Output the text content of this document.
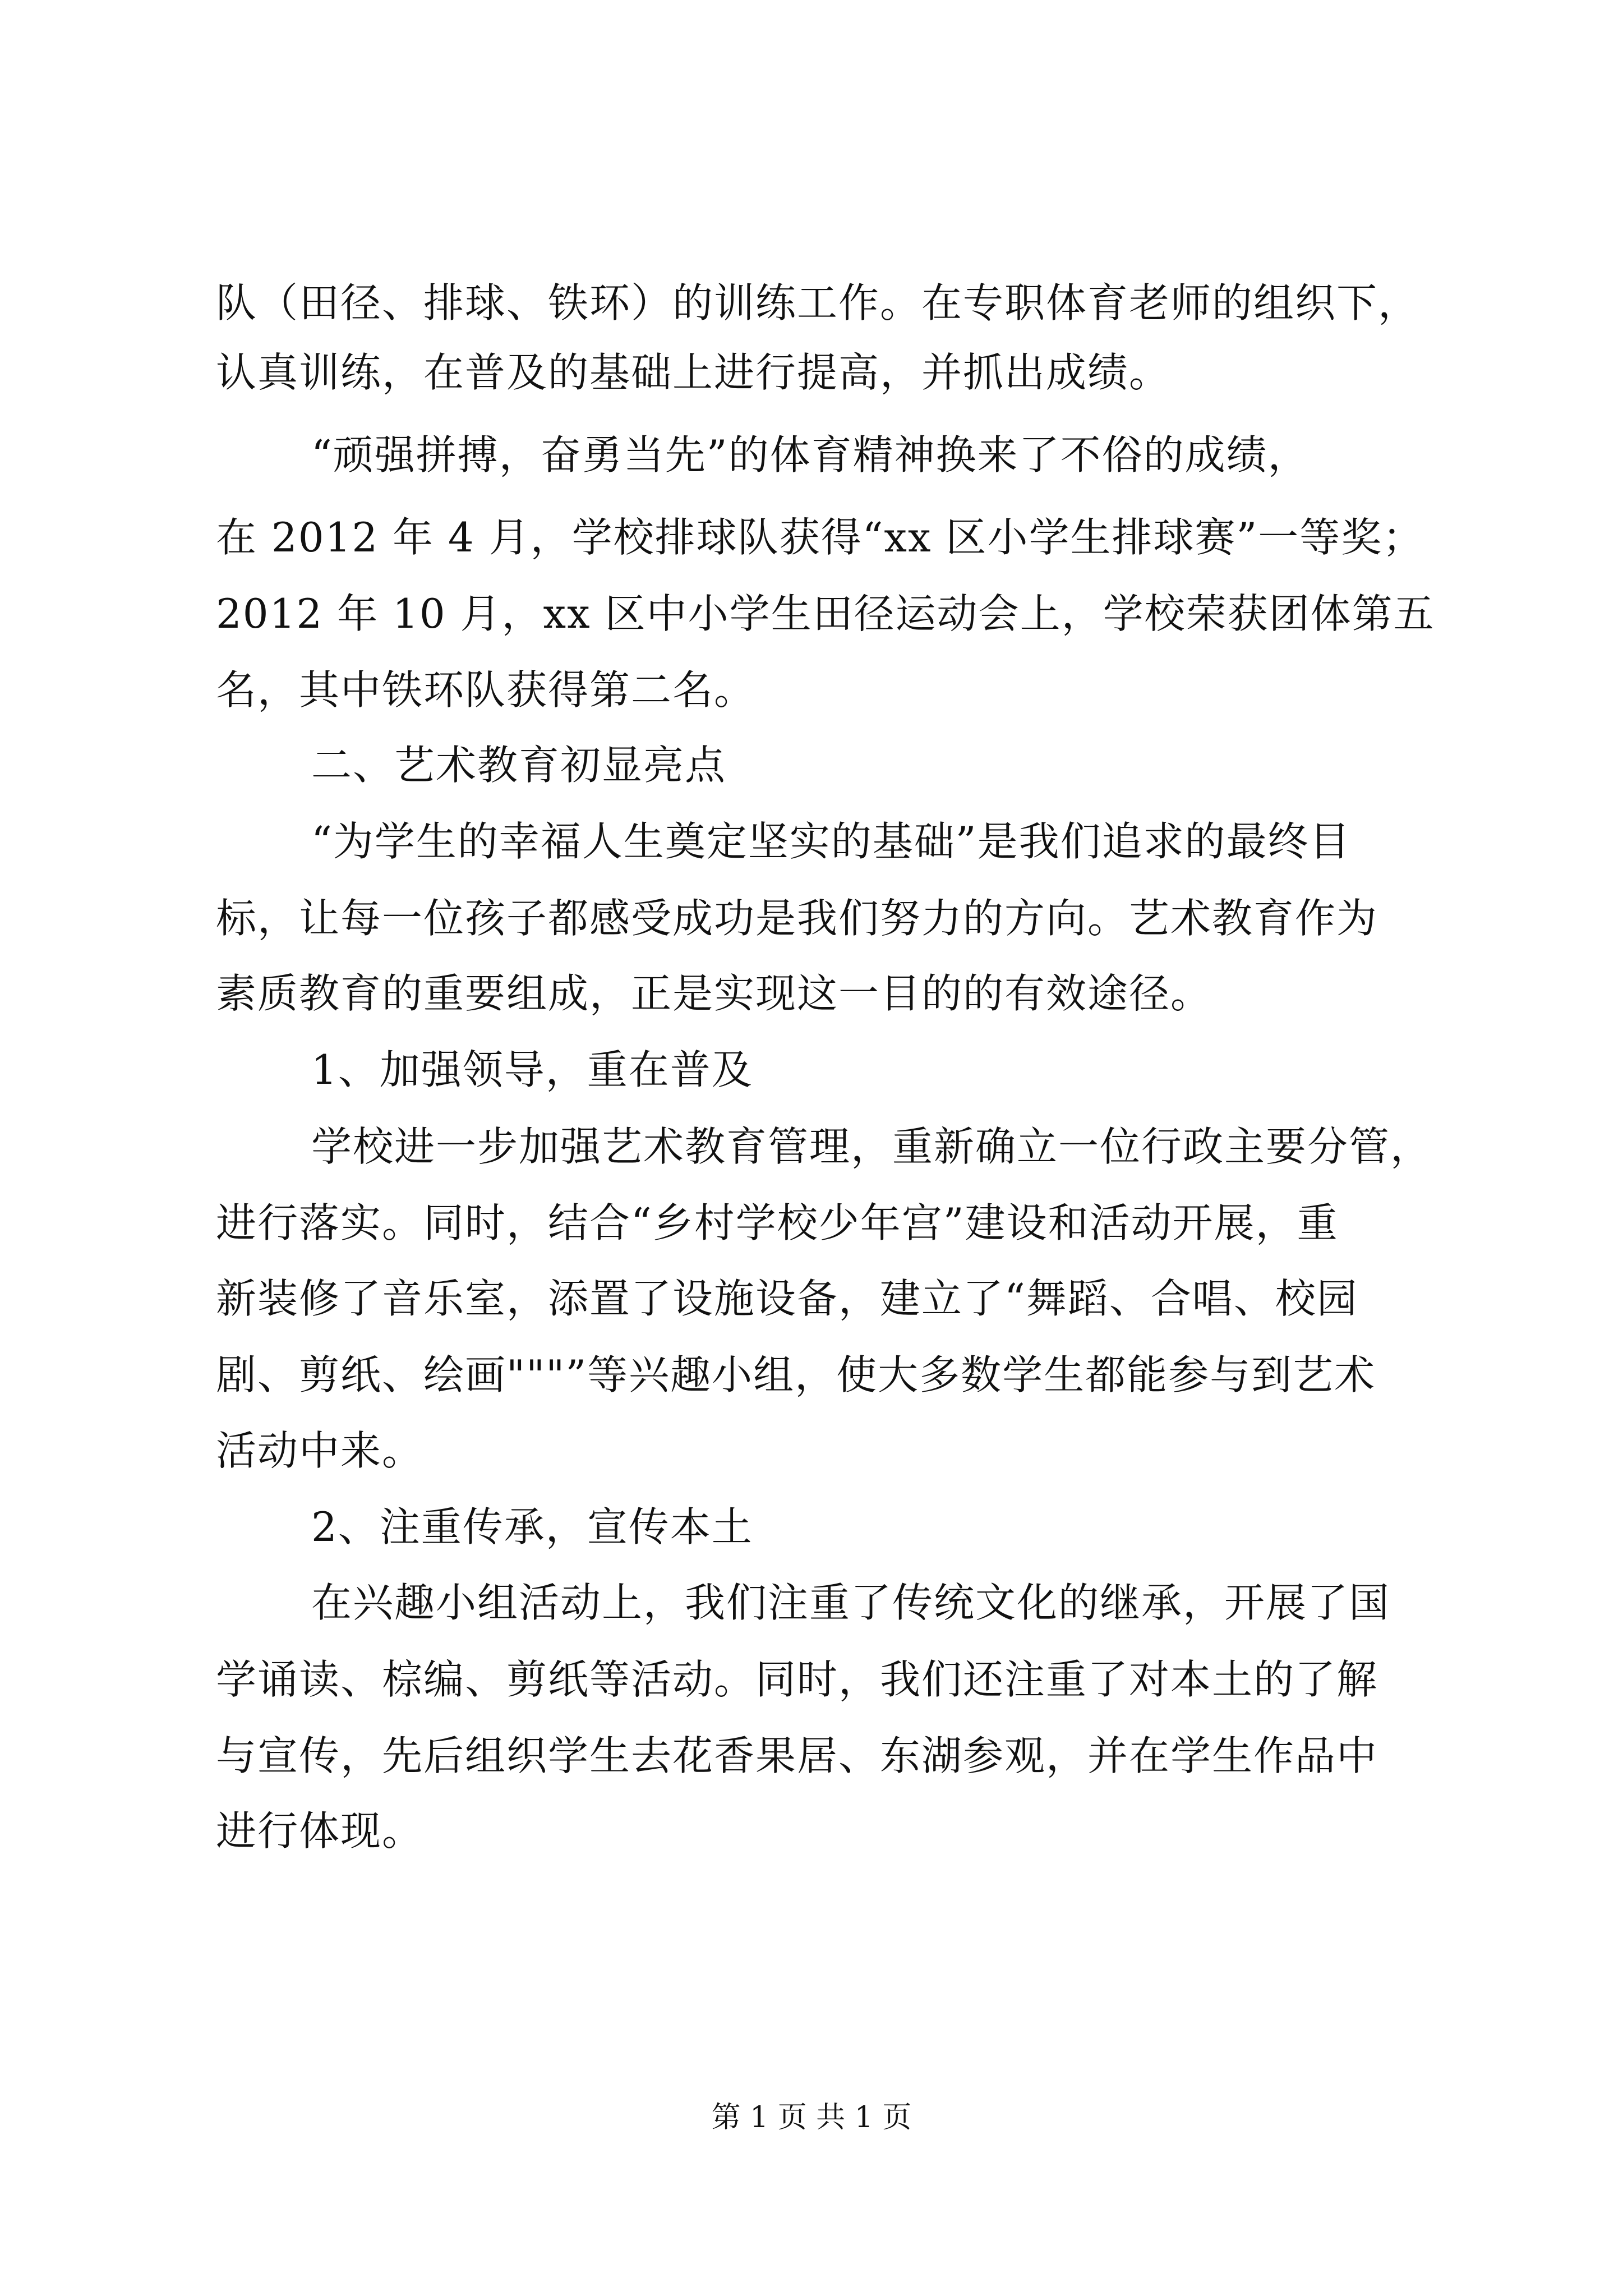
队（田径、排球、铁环）的训练工作。在专职体育老师的组织下，
认真训练，在普及的基础上进行提高，并抓出成绩。
“顽强拼搏，奋勇当先”的体育精神换来了不俗的成绩，
在 2012 年 4 月，学校排球队获得“xx 区小学生排球赛”一等奖；
2012 年 10 月，xx 区中小学生田径运动会上，学校荣获团体第五
名，其中铁环队获得第二名。
二、艺术教育初显亮点
“为学生的幸福人生奠定坚实的基础”是我们追求的最终目
标，让每一位孩子都感受成功是我们努力的方向。艺术教育作为
素质教育的重要组成，正是实现这一目的的有效途径。
1、加强领导，重在普及
学校进一步加强艺术教育管理，重新确立一位行政主要分管，
进行落实。同时，结合“乡村学校少年宫”建设和活动开展，重
新装修了音乐室，添置了设施设备，建立了“舞蹈、合唱、校园
剧、剪纸、绘画"""”等兴趣小组，使大多数学生都能参与到艺术
活动中来。
2、注重传承，宣传本土
在兴趣小组活动上，我们注重了传统文化的继承，开展了国
学诵读、棕编、剪纸等活动。同时，我们还注重了对本土的了解
与宣传，先后组织学生去花香果居、东湖参观，并在学生作品中
进行体现。
第 1 页 共 1 页
